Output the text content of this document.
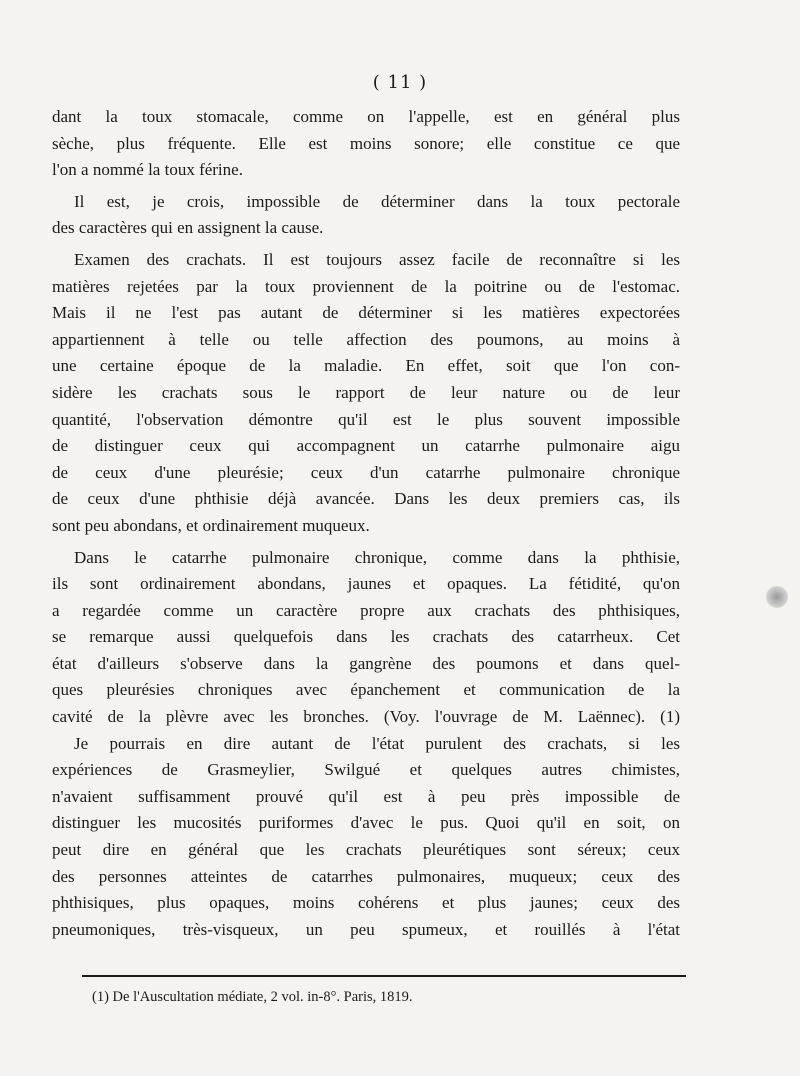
( 11 )
dant la toux stomacale, comme on l'appelle, est en général plus
sèche, plus fréquente. Elle est moins sonore; elle constitue ce que
l'on a nommé la toux férine.
Il est, je crois, impossible de déterminer dans la toux pectorale
des caractères qui en assignent la cause.
Examen des crachats. Il est toujours assez facile de reconnaître si les
matières rejetées par la toux proviennent de la poitrine ou de l'estomac.
Mais il ne l'est pas autant de déterminer si les matières expectorées
appartiennent à telle ou telle affection des poumons, au moins à
une certaine époque de la maladie. En effet, soit que l'on con-
sidère les crachats sous le rapport de leur nature ou de leur
quantité, l'observation démontre qu'il est le plus souvent impossible
de distinguer ceux qui accompagnent un catarrhe pulmonaire aigu
de ceux d'une pleurésie; ceux d'un catarrhe pulmonaire chronique
de ceux d'une phthisie déjà avancée. Dans les deux premiers cas, ils
sont peu abondans, et ordinairement muqueux.
Dans le catarrhe pulmonaire chronique, comme dans la phthisie,
ils sont ordinairement abondans, jaunes et opaques. La fétidité, qu'on
a regardée comme un caractère propre aux crachats des phthisiques,
se remarque aussi quelquefois dans les crachats des catarrheux. Cet
état d'ailleurs s'observe dans la gangrène des poumons et dans quel-
ques pleurésies chroniques avec épanchement et communication de la
cavité de la plèvre avec les bronches. (Voy. l'ouvrage de M. Laënnec). (1)
Je pourrais en dire autant de l'état purulent des crachats, si les
expériences de Grasmeylier, Swilgué et quelques autres chimistes,
n'avaient suffisamment prouvé qu'il est à peu près impossible de
distinguer les mucosités puriformes d'avec le pus. Quoi qu'il en soit, on
peut dire en général que les crachats pleurétiques sont séreux; ceux
des personnes atteintes de catarrhes pulmonaires, muqueux; ceux des
phthisiques, plus opaques, moins cohérens et plus jaunes; ceux des
pneumoniques, très-visqueux, un peu spumeux, et rouillés à l'état
(1) De l'Auscultation médiate, 2 vol. in-8°. Paris, 1819.
